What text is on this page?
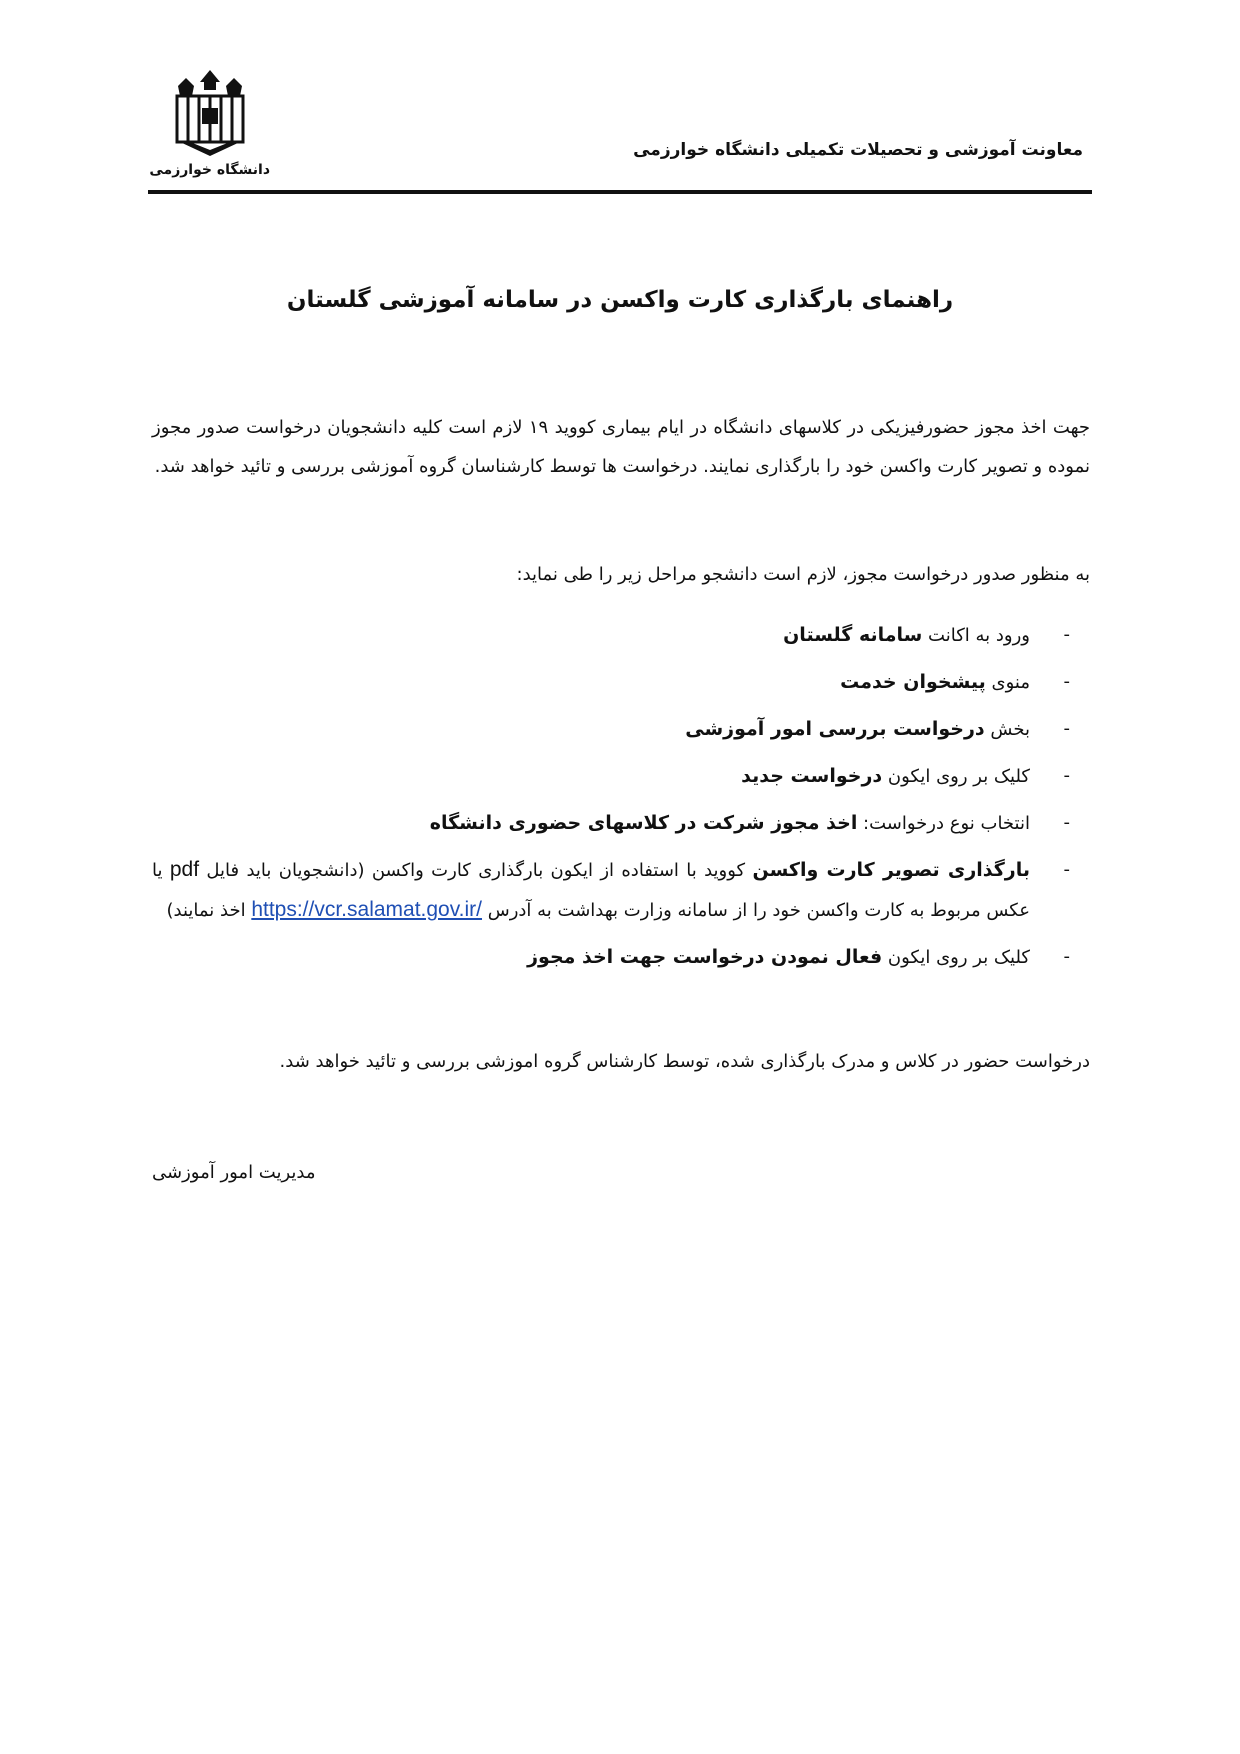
دانشگاه خوارزمی
معاونت آموزشی و تحصیلات تکمیلی دانشگاه خوارزمی
راهنمای بارگذاری کارت واکسن در سامانه آموزشی گلستان
جهت اخذ مجوز حضورفیزیکی در کلاسهای دانشگاه در ایام بیماری کووید ۱۹ لازم است کلیه دانشجویان درخواست صدور مجوز نموده و تصویر کارت واکسن خود را بارگذاری نمایند. درخواست ها توسط کارشناسان گروه آموزشی بررسی و تائید خواهد شد.
به منظور صدور درخواست مجوز، لازم است دانشجو مراحل زیر را طی نماید:
-
ورود به اکانت سامانه گلستان
-
منوی پیشخوان خدمت
-
بخش درخواست بررسی امور آموزشی
-
کلیک بر روی ایکون درخواست جدید
-
انتخاب نوع درخواست: اخذ مجوز شرکت در کلاسهای حضوری دانشگاه
-
بارگذاری تصویر کارت واکسن کووید با استفاده از ایکون بارگذاری کارت واکسن (دانشجویان باید فایل pdf یا عکس مربوط به کارت واکسن خود را از سامانه وزارت بهداشت به آدرس https://vcr.salamat.gov.ir/ اخذ نمایند)
-
کلیک بر روی ایکون فعال نمودن درخواست جهت اخذ مجوز
درخواست حضور در کلاس و مدرک بارگذاری شده، توسط کارشناس گروه اموزشی بررسی و تائید خواهد شد.
مدیریت امور آموزشی
